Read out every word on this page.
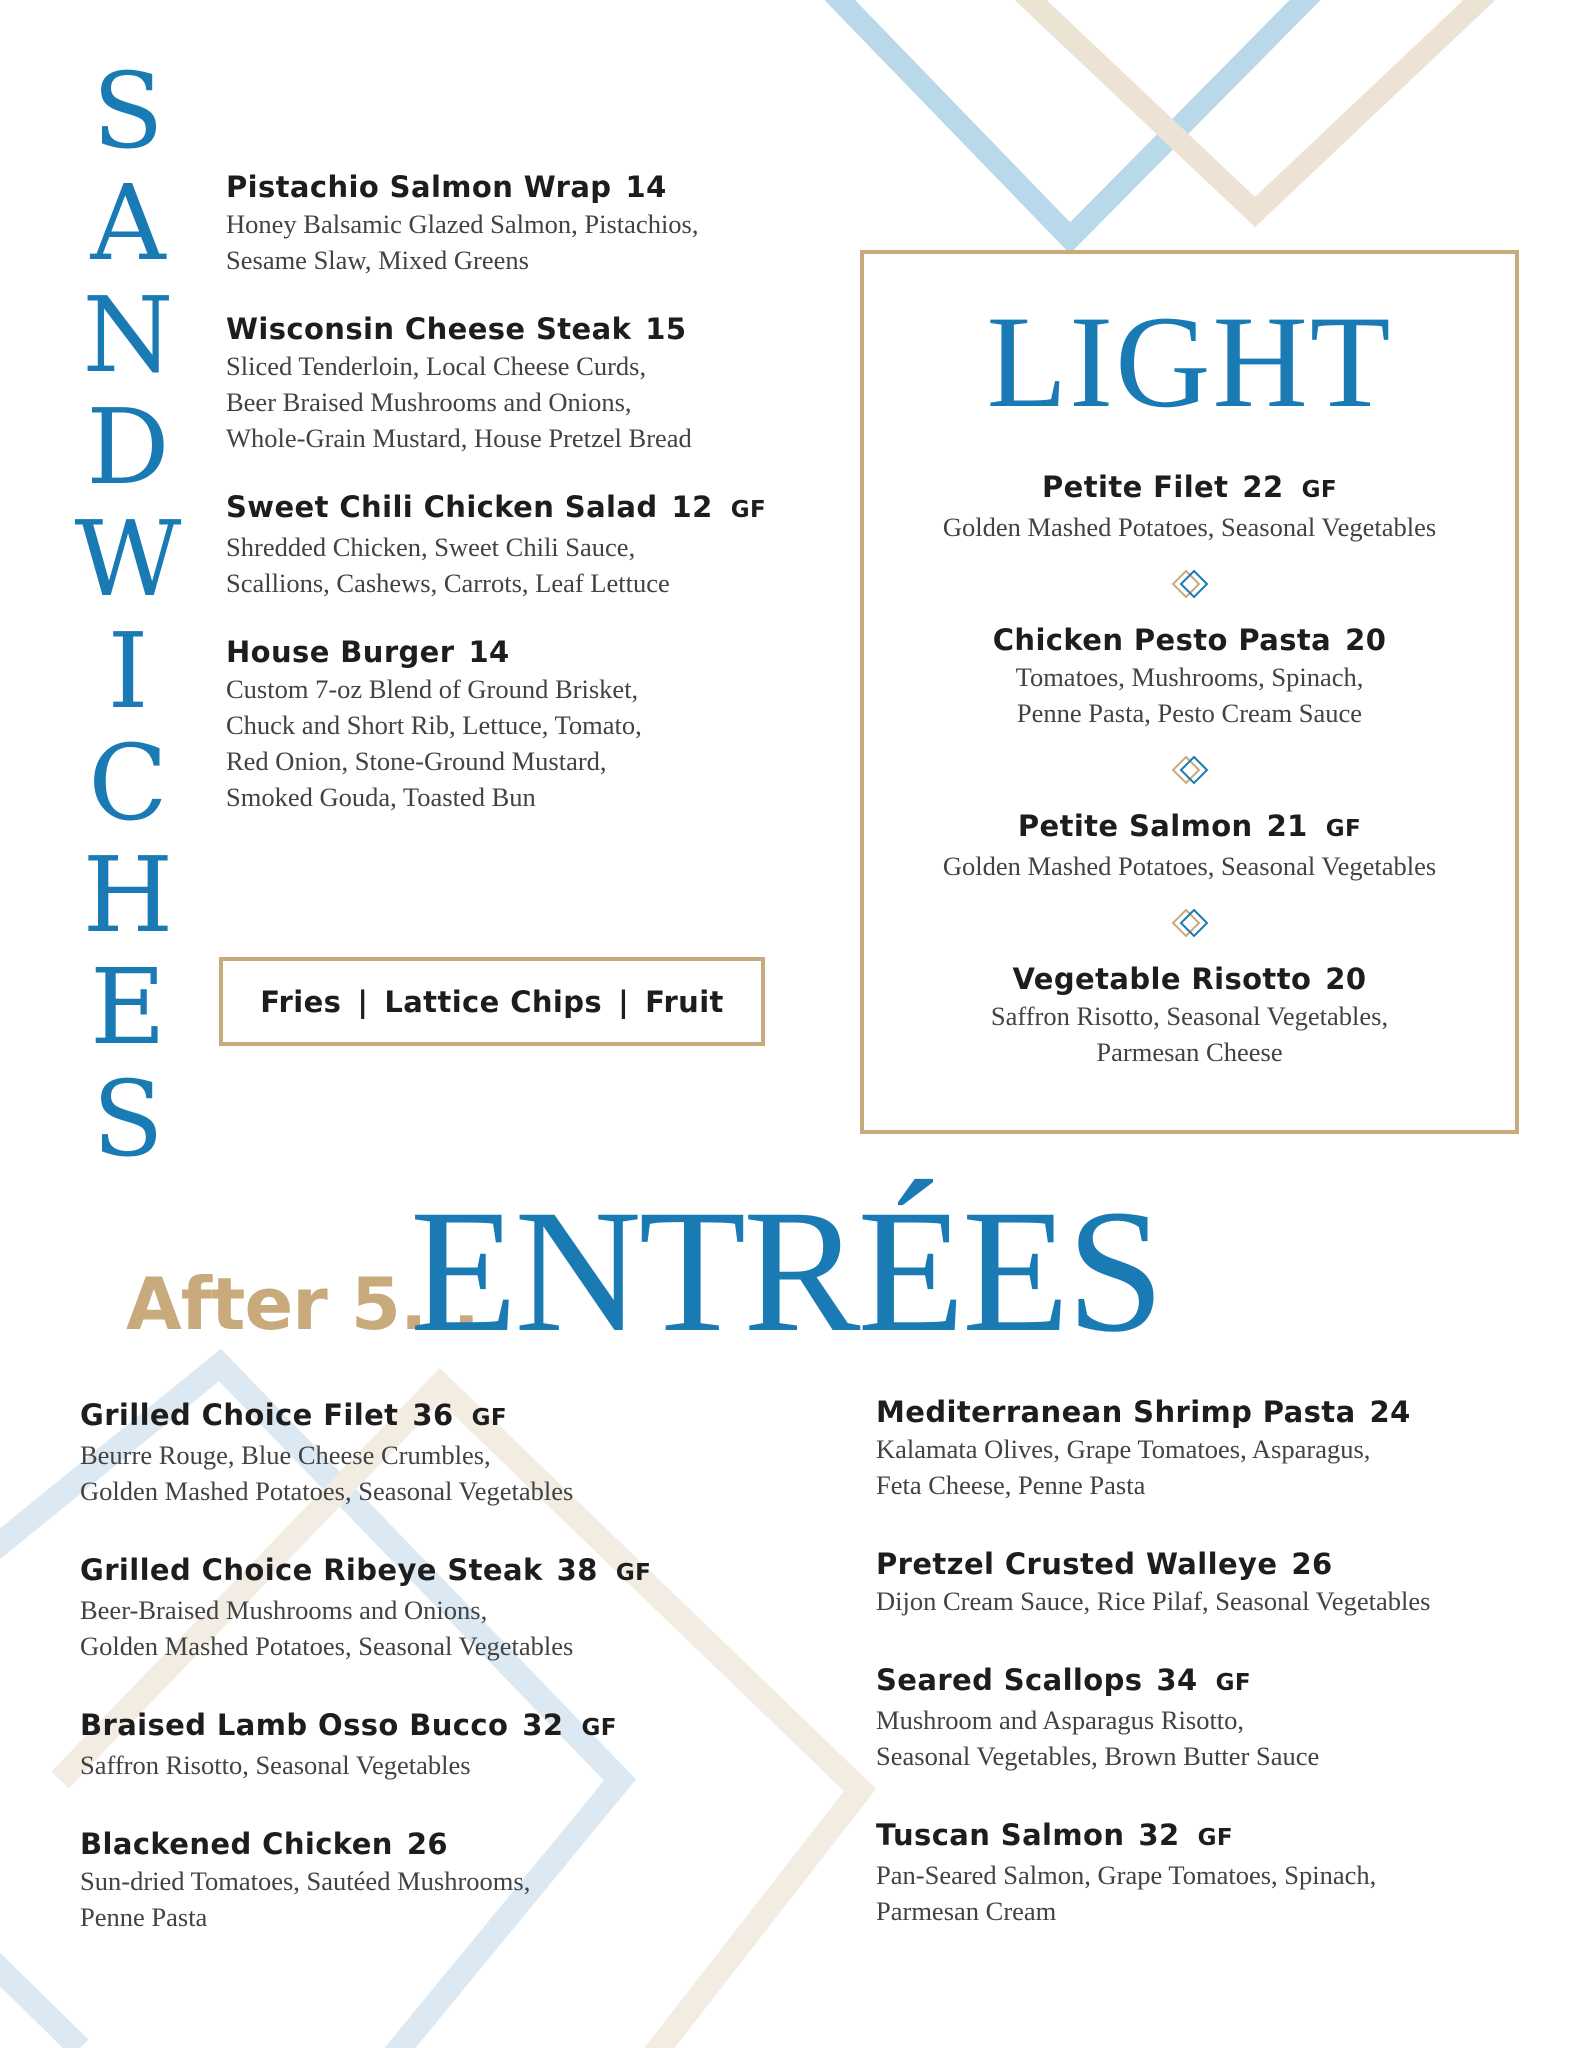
S
A
N
D
W
I
C
H
E
S
Pistachio Salmon Wrap 14
Honey Balsamic Glazed Salmon, Pistachios,
Sesame Slaw, Mixed Greens
Wisconsin Cheese Steak 15
Sliced Tenderloin, Local Cheese Curds,
Beer Braised Mushrooms and Onions,
Whole-Grain Mustard, House Pretzel Bread
Sweet Chili Chicken Salad 12 GF
Shredded Chicken, Sweet Chili Sauce,
Scallions, Cashews, Carrots, Leaf Lettuce
House Burger 14
Custom 7-oz Blend of Ground Brisket,
Chuck and Short Rib, Lettuce, Tomato,
Red Onion, Stone-Ground Mustard,
Smoked Gouda, Toasted Bun
Fries | Lattice Chips | Fruit
LIGHT
Petite Filet 22 GF
Golden Mashed Potatoes, Seasonal Vegetables
Chicken Pesto Pasta 20
Tomatoes, Mushrooms, Spinach,
Penne Pasta, Pesto Cream Sauce
Petite Salmon 21 GF
Golden Mashed Potatoes, Seasonal Vegetables
Vegetable Risotto 20
Saffron Risotto, Seasonal Vegetables,
Parmesan Cheese
After 5...
ENTRÉES
Grilled Choice Filet 36 GF
Beurre Rouge, Blue Cheese Crumbles,
Golden Mashed Potatoes, Seasonal Vegetables
Grilled Choice Ribeye Steak 38 GF
Beer-Braised Mushrooms and Onions,
Golden Mashed Potatoes, Seasonal Vegetables
Braised Lamb Osso Bucco 32 GF
Saffron Risotto, Seasonal Vegetables
Blackened Chicken 26
Sun-dried Tomatoes, Sautéed Mushrooms,
Penne Pasta
Mediterranean Shrimp Pasta 24
Kalamata Olives, Grape Tomatoes, Asparagus,
Feta Cheese, Penne Pasta
Pretzel Crusted Walleye 26
Dijon Cream Sauce, Rice Pilaf, Seasonal Vegetables
Seared Scallops 34 GF
Mushroom and Asparagus Risotto,
Seasonal Vegetables, Brown Butter Sauce
Tuscan Salmon 32 GF
Pan-Seared Salmon, Grape Tomatoes, Spinach,
Parmesan Cream
